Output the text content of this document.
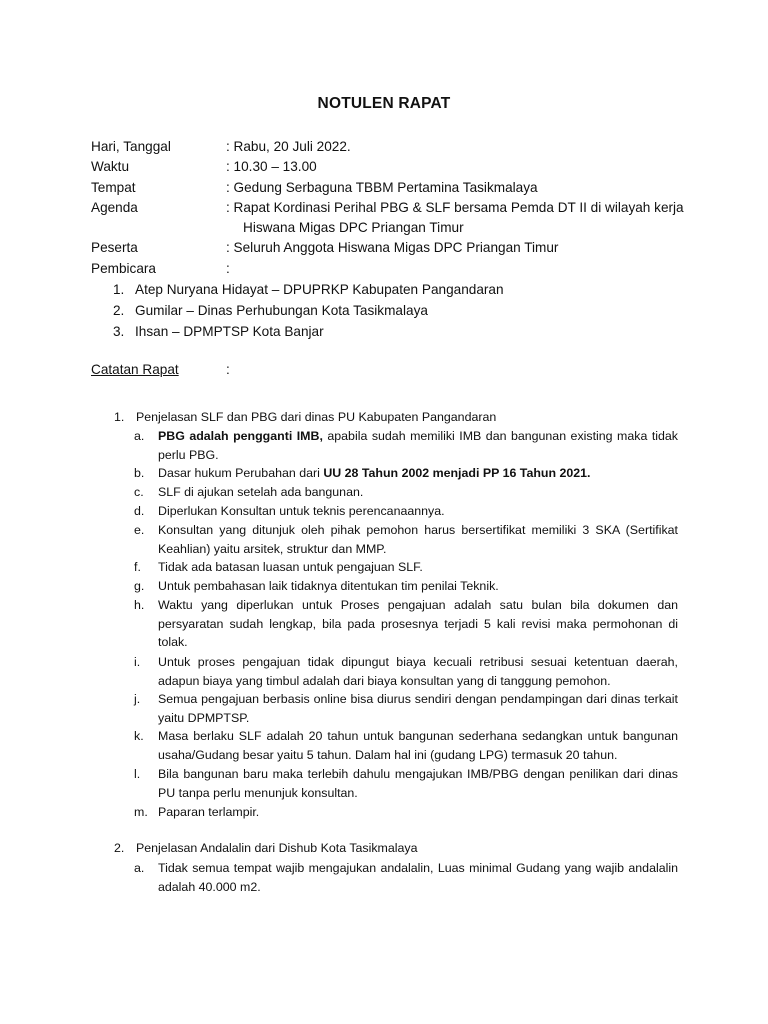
NOTULEN RAPAT
Hari, Tanggal	: Rabu, 20 Juli 2022.
Waktu	: 10.30 – 13.00
Tempat	: Gedung Serbaguna TBBM Pertamina Tasikmalaya
Agenda	: Rapat Kordinasi Perihal PBG & SLF bersama Pemda DT II di wilayah kerja
Hiswana Migas DPC Priangan Timur
Peserta	: Seluruh Anggota Hiswana Migas DPC Priangan Timur
Pembicara	:
1. Atep Nuryana Hidayat – DPUPRKP Kabupaten Pangandaran
2. Gumilar – Dinas Perhubungan Kota Tasikmalaya
3. Ihsan – DPMPTSP Kota Banjar
Catatan Rapat	:
1. Penjelasan SLF dan PBG dari dinas PU Kabupaten Pangandaran
a. PBG adalah pengganti IMB, apabila sudah memiliki IMB dan bangunan existing maka tidak perlu PBG.
b. Dasar hukum Perubahan dari UU 28 Tahun 2002 menjadi PP 16 Tahun 2021.
c. SLF di ajukan setelah ada bangunan.
d. Diperlukan Konsultan untuk teknis perencanaannya.
e. Konsultan yang ditunjuk oleh pihak pemohon harus bersertifikat memiliki 3 SKA (Sertifikat Keahlian) yaitu arsitek, struktur dan MMP.
f. Tidak ada batasan luasan untuk pengajuan SLF.
g. Untuk pembahasan laik tidaknya ditentukan tim penilai Teknik.
h. Waktu yang diperlukan untuk Proses pengajuan adalah satu bulan bila dokumen dan persyaratan sudah lengkap, bila pada prosesnya terjadi 5 kali revisi maka permohonan di tolak.
i. Untuk proses pengajuan tidak dipungut biaya kecuali retribusi sesuai ketentuan daerah, adapun biaya yang timbul adalah dari biaya konsultan yang di tanggung pemohon.
j. Semua pengajuan berbasis online bisa diurus sendiri dengan pendampingan dari dinas terkait yaitu DPMPTSP.
k. Masa berlaku SLF adalah 20 tahun untuk bangunan sederhana sedangkan untuk bangunan usaha/Gudang besar yaitu 5 tahun. Dalam hal ini (gudang LPG) termasuk 20 tahun.
l. Bila bangunan baru maka terlebih dahulu mengajukan IMB/PBG dengan penilikan dari dinas PU tanpa perlu menunjuk konsultan.
m. Paparan terlampir.
2. Penjelasan Andalalin dari Dishub Kota Tasikmalaya
a. Tidak semua tempat wajib mengajukan andalalin, Luas minimal Gudang yang wajib andalalin adalah 40.000 m2.
